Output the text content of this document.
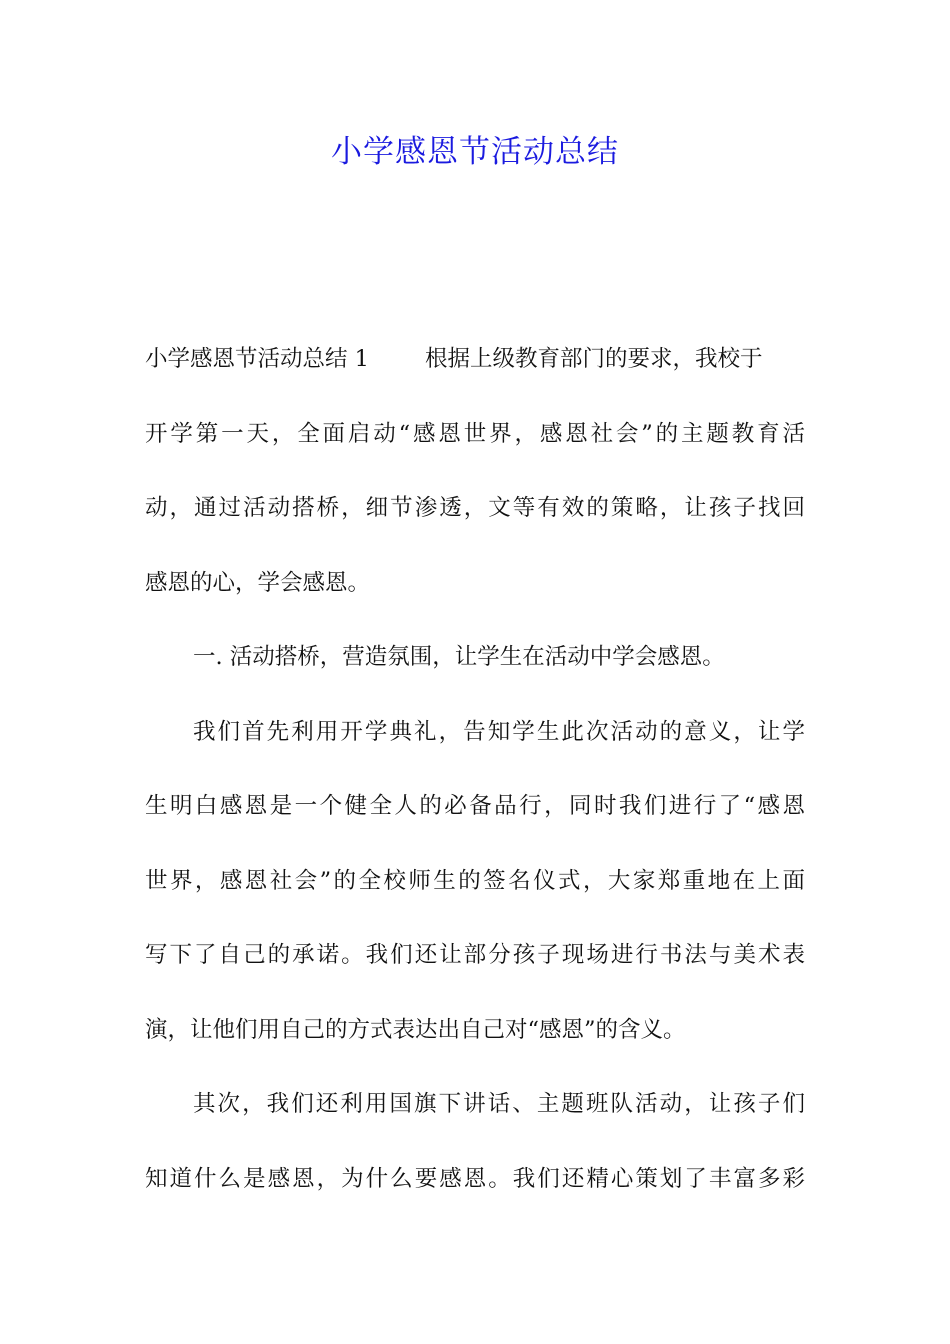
小学感恩节活动总结
小学感恩节活动总结 1 根据上级教育部门的要求，我校于
开学第一天，全面启动“感恩世界，感恩社会”的主题教育活
动，通过活动搭桥，细节渗透，文等有效的策略，让孩子找回
感恩的心，学会感恩。
一. 活动搭桥，营造氛围，让学生在活动中学会感恩。
我们首先利用开学典礼，告知学生此次活动的意义，让学
生明白感恩是一个健全人的必备品行，同时我们进行了“感恩
世界，感恩社会”的全校师生的签名仪式，大家郑重地在上面
写下了自己的承诺。我们还让部分孩子现场进行书法与美术表
演，让他们用自己的方式表达出自己对“感恩”的含义。
其次，我们还利用国旗下讲话、主题班队活动，让孩子们
知道什么是感恩，为什么要感恩。我们还精心策划了丰富多彩
